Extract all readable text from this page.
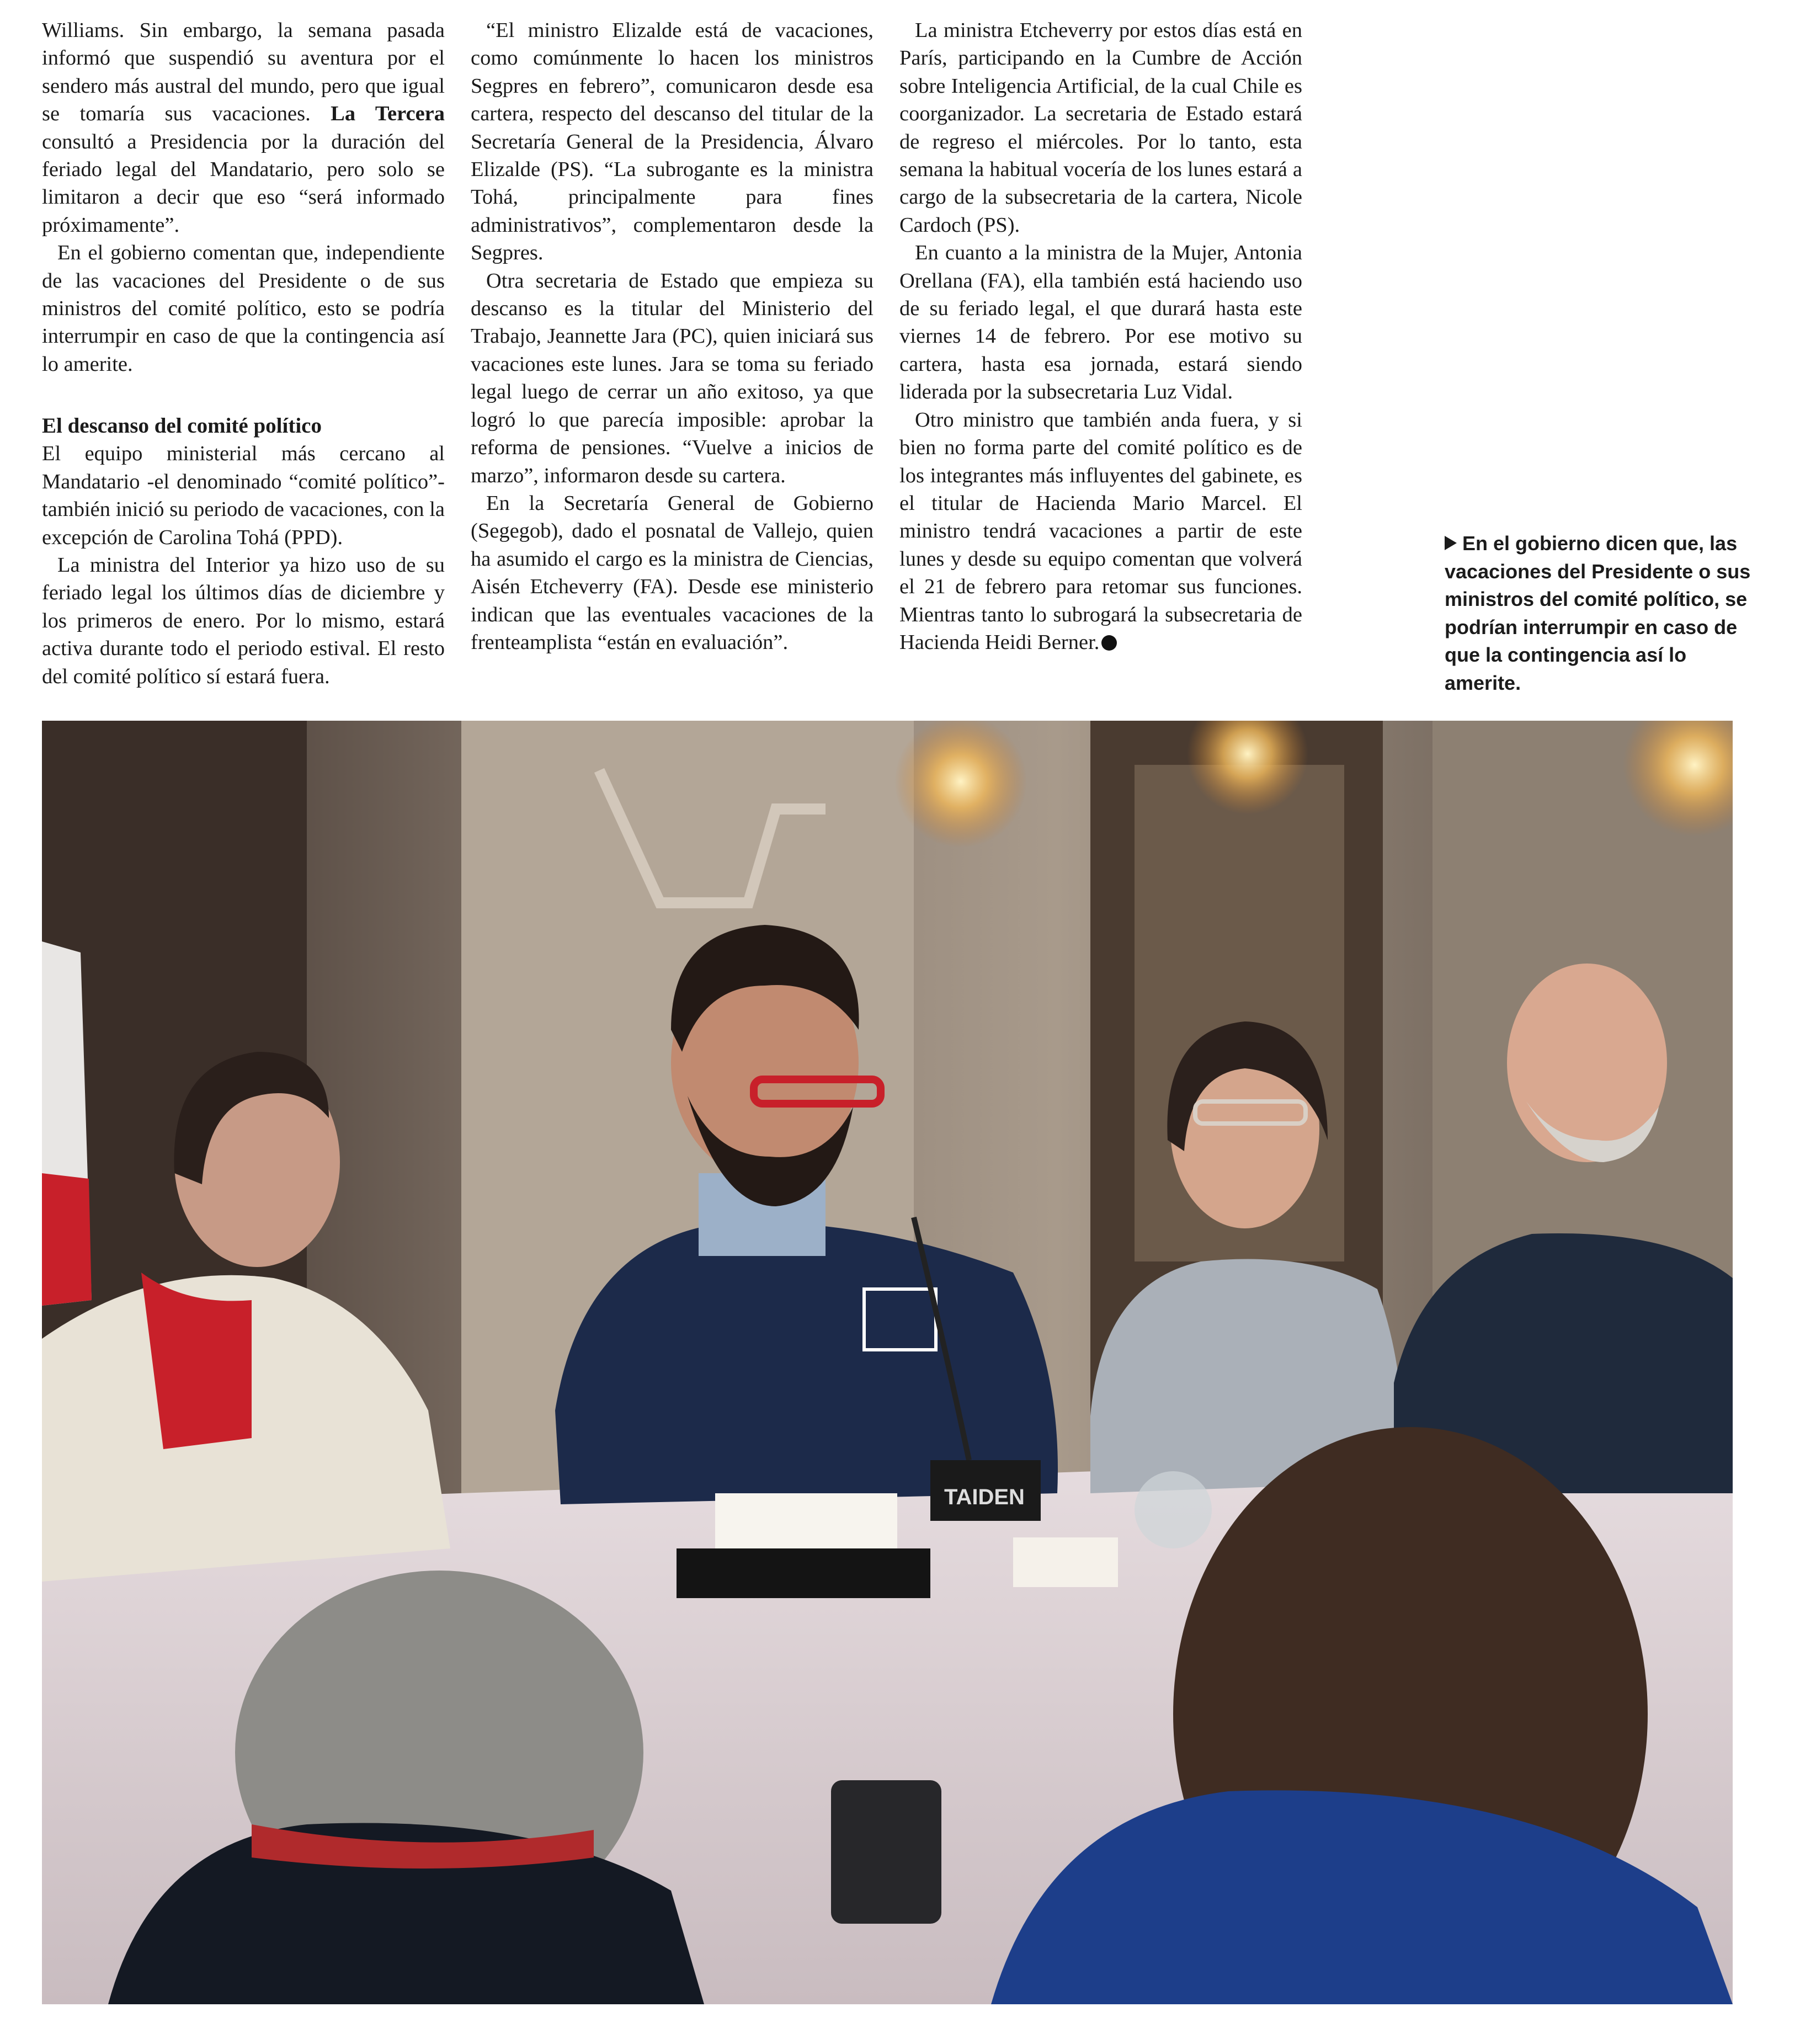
Williams. Sin embargo, la semana pasada informó que suspendió su aventura por el sendero más austral del mundo, pero que igual se tomaría sus vacaciones. La Tercera consultó a Presidencia por la duración del feriado legal del Mandatario, pero solo se limitaron a decir que eso “será informado próximamente”.

En el gobierno comentan que, independiente de las vacaciones del Presidente o de sus ministros del comité político, esto se podría interrumpir en caso de que la contingencia así lo amerite.

El descanso del comité político

El equipo ministerial más cercano al Mandatario -el denominado “comité político”- también inició su periodo de vacaciones, con la excepción de Carolina Tohá (PPD).

La ministra del Interior ya hizo uso de su feriado legal los últimos días de diciembre y los primeros de enero. Por lo mismo, estará activa durante todo el periodo estival. El resto del comité político sí estará fuera.

“El ministro Elizalde está de vacaciones, como comúnmente lo hacen los ministros Segpres en febrero”, comunicaron desde esa cartera, respecto del descanso del titular de la Secretaría General de la Presidencia, Álvaro Elizalde (PS). “La subrogante es la ministra Tohá, principalmente para fines administrativos”, complementaron desde la Segpres.

Otra secretaria de Estado que empieza su descanso es la titular del Ministerio del Trabajo, Jeannette Jara (PC), quien iniciará sus vacaciones este lunes. Jara se toma su feriado legal luego de cerrar un año exitoso, ya que logró lo que parecía imposible: aprobar la reforma de pensiones. “Vuelve a inicios de marzo”, informaron desde su cartera.

En la Secretaría General de Gobierno (Segegob), dado el posnatal de Vallejo, quien ha asumido el cargo es la ministra de Ciencias, Aisén Etcheverry (FA). Desde ese ministerio indican que las eventuales vacaciones de la frenteamplista “están en evaluación”.

La ministra Etcheverry por estos días está en París, participando en la Cumbre de Acción sobre Inteligencia Artificial, de la cual Chile es coorganizador. La secretaria de Estado estará de regreso el miércoles. Por lo tanto, esta semana la habitual vocería de los lunes estará a cargo de la subsecretaria de la cartera, Nicole Cardoch (PS).

En cuanto a la ministra de la Mujer, Antonia Orellana (FA), ella también está haciendo uso de su feriado legal, el que durará hasta este viernes 14 de febrero. Por ese motivo su cartera, hasta esa jornada, estará siendo liderada por la subsecretaria Luz Vidal.

Otro ministro que también anda fuera, y si bien no forma parte del comité político es de los integrantes más influyentes del gabinete, es el titular de Hacienda Mario Marcel. El ministro tendrá vacaciones a partir de este lunes y desde su equipo comentan que volverá el 21 de febrero para retomar sus funciones. Mientras tanto lo subrogará la subsecretaria de Hacienda Heidi Berner.

En el gobierno dicen que, las vacaciones del Presidente o sus ministros del comité político, se podrían interrumpir en caso de que la contingencia así lo amerite.
TAIDEN
